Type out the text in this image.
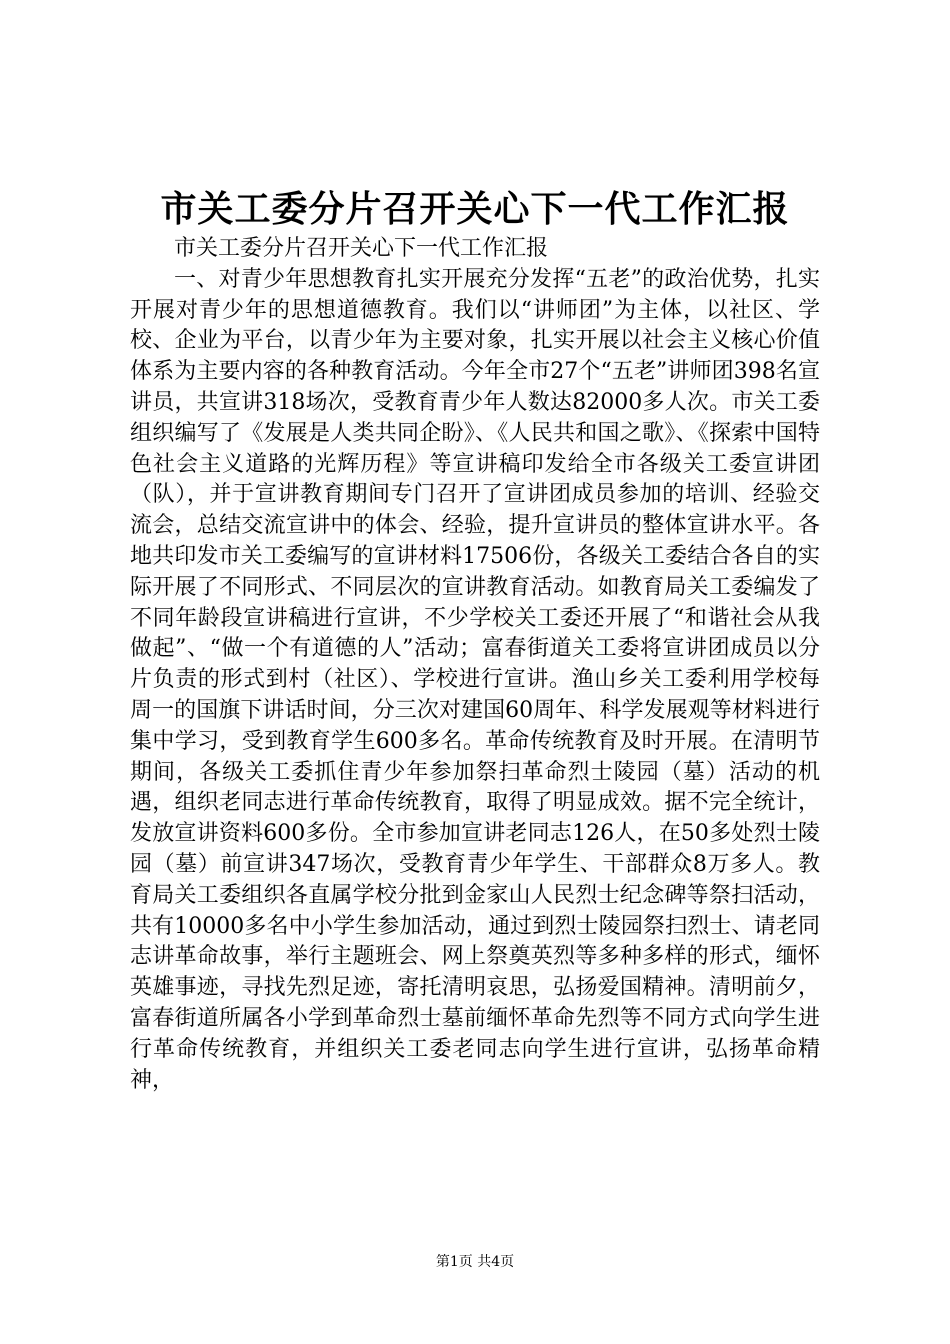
市关工委分片召开关心下一代工作汇报

市关工委分片召开关心下一代工作汇报

一、对青少年思想教育扎实开展充分发挥“五老”的政治优势，扎实开展对青少年的思想道德教育。我们以“讲师团”为主体，以社区、学校、企业为平台，以青少年为主要对象，扎实开展以社会主义核心价值体系为主要内容的各种教育活动。今年全市27个“五老”讲师团398名宣讲员，共宣讲318场次，受教育青少年人数达82000多人次。市关工委组织编写了《发展是人类共同企盼》、《人民共和国之歌》、《探索中国特色社会主义道路的光辉历程》等宣讲稿印发给全市各级关工委宣讲团（队），并于宣讲教育期间专门召开了宣讲团成员参加的培训、经验交流会，总结交流宣讲中的体会、经验，提升宣讲员的整体宣讲水平。各地共印发市关工委编写的宣讲材料17506份，各级关工委结合各自的实际开展了不同形式、不同层次的宣讲教育活动。如教育局关工委编发了不同年龄段宣讲稿进行宣讲，不少学校关工委还开展了“和谐社会从我做起”、“做一个有道德的人”活动；富春街道关工委将宣讲团成员以分片负责的形式到村（社区）、学校进行宣讲。渔山乡关工委利用学校每周一的国旗下讲话时间，分三次对建国60周年、科学发展观等材料进行集中学习，受到教育学生600多名。革命传统教育及时开展。在清明节期间，各级关工委抓住青少年参加祭扫革命烈士陵园（墓）活动的机遇，组织老同志进行革命传统教育，取得了明显成效。据不完全统计，发放宣讲资料600多份。全市参加宣讲老同志126人，在50多处烈士陵园（墓）前宣讲347场次，受教育青少年学生、干部群众8万多人。教育局关工委组织各直属学校分批到金家山人民烈士纪念碑等祭扫活动，共有10000多名中小学生参加活动，通过到烈士陵园祭扫烈士、请老同志讲革命故事，举行主题班会、网上祭奠英烈等多种多样的形式，缅怀英雄事迹，寻找先烈足迹，寄托清明哀思，弘扬爱国精神。清明前夕，富春街道所属各小学到革命烈士墓前缅怀革命先烈等不同方式向学生进行革命传统教育，并组织关工委老同志向学生进行宣讲，弘扬革命精神，

第1页 共4页
